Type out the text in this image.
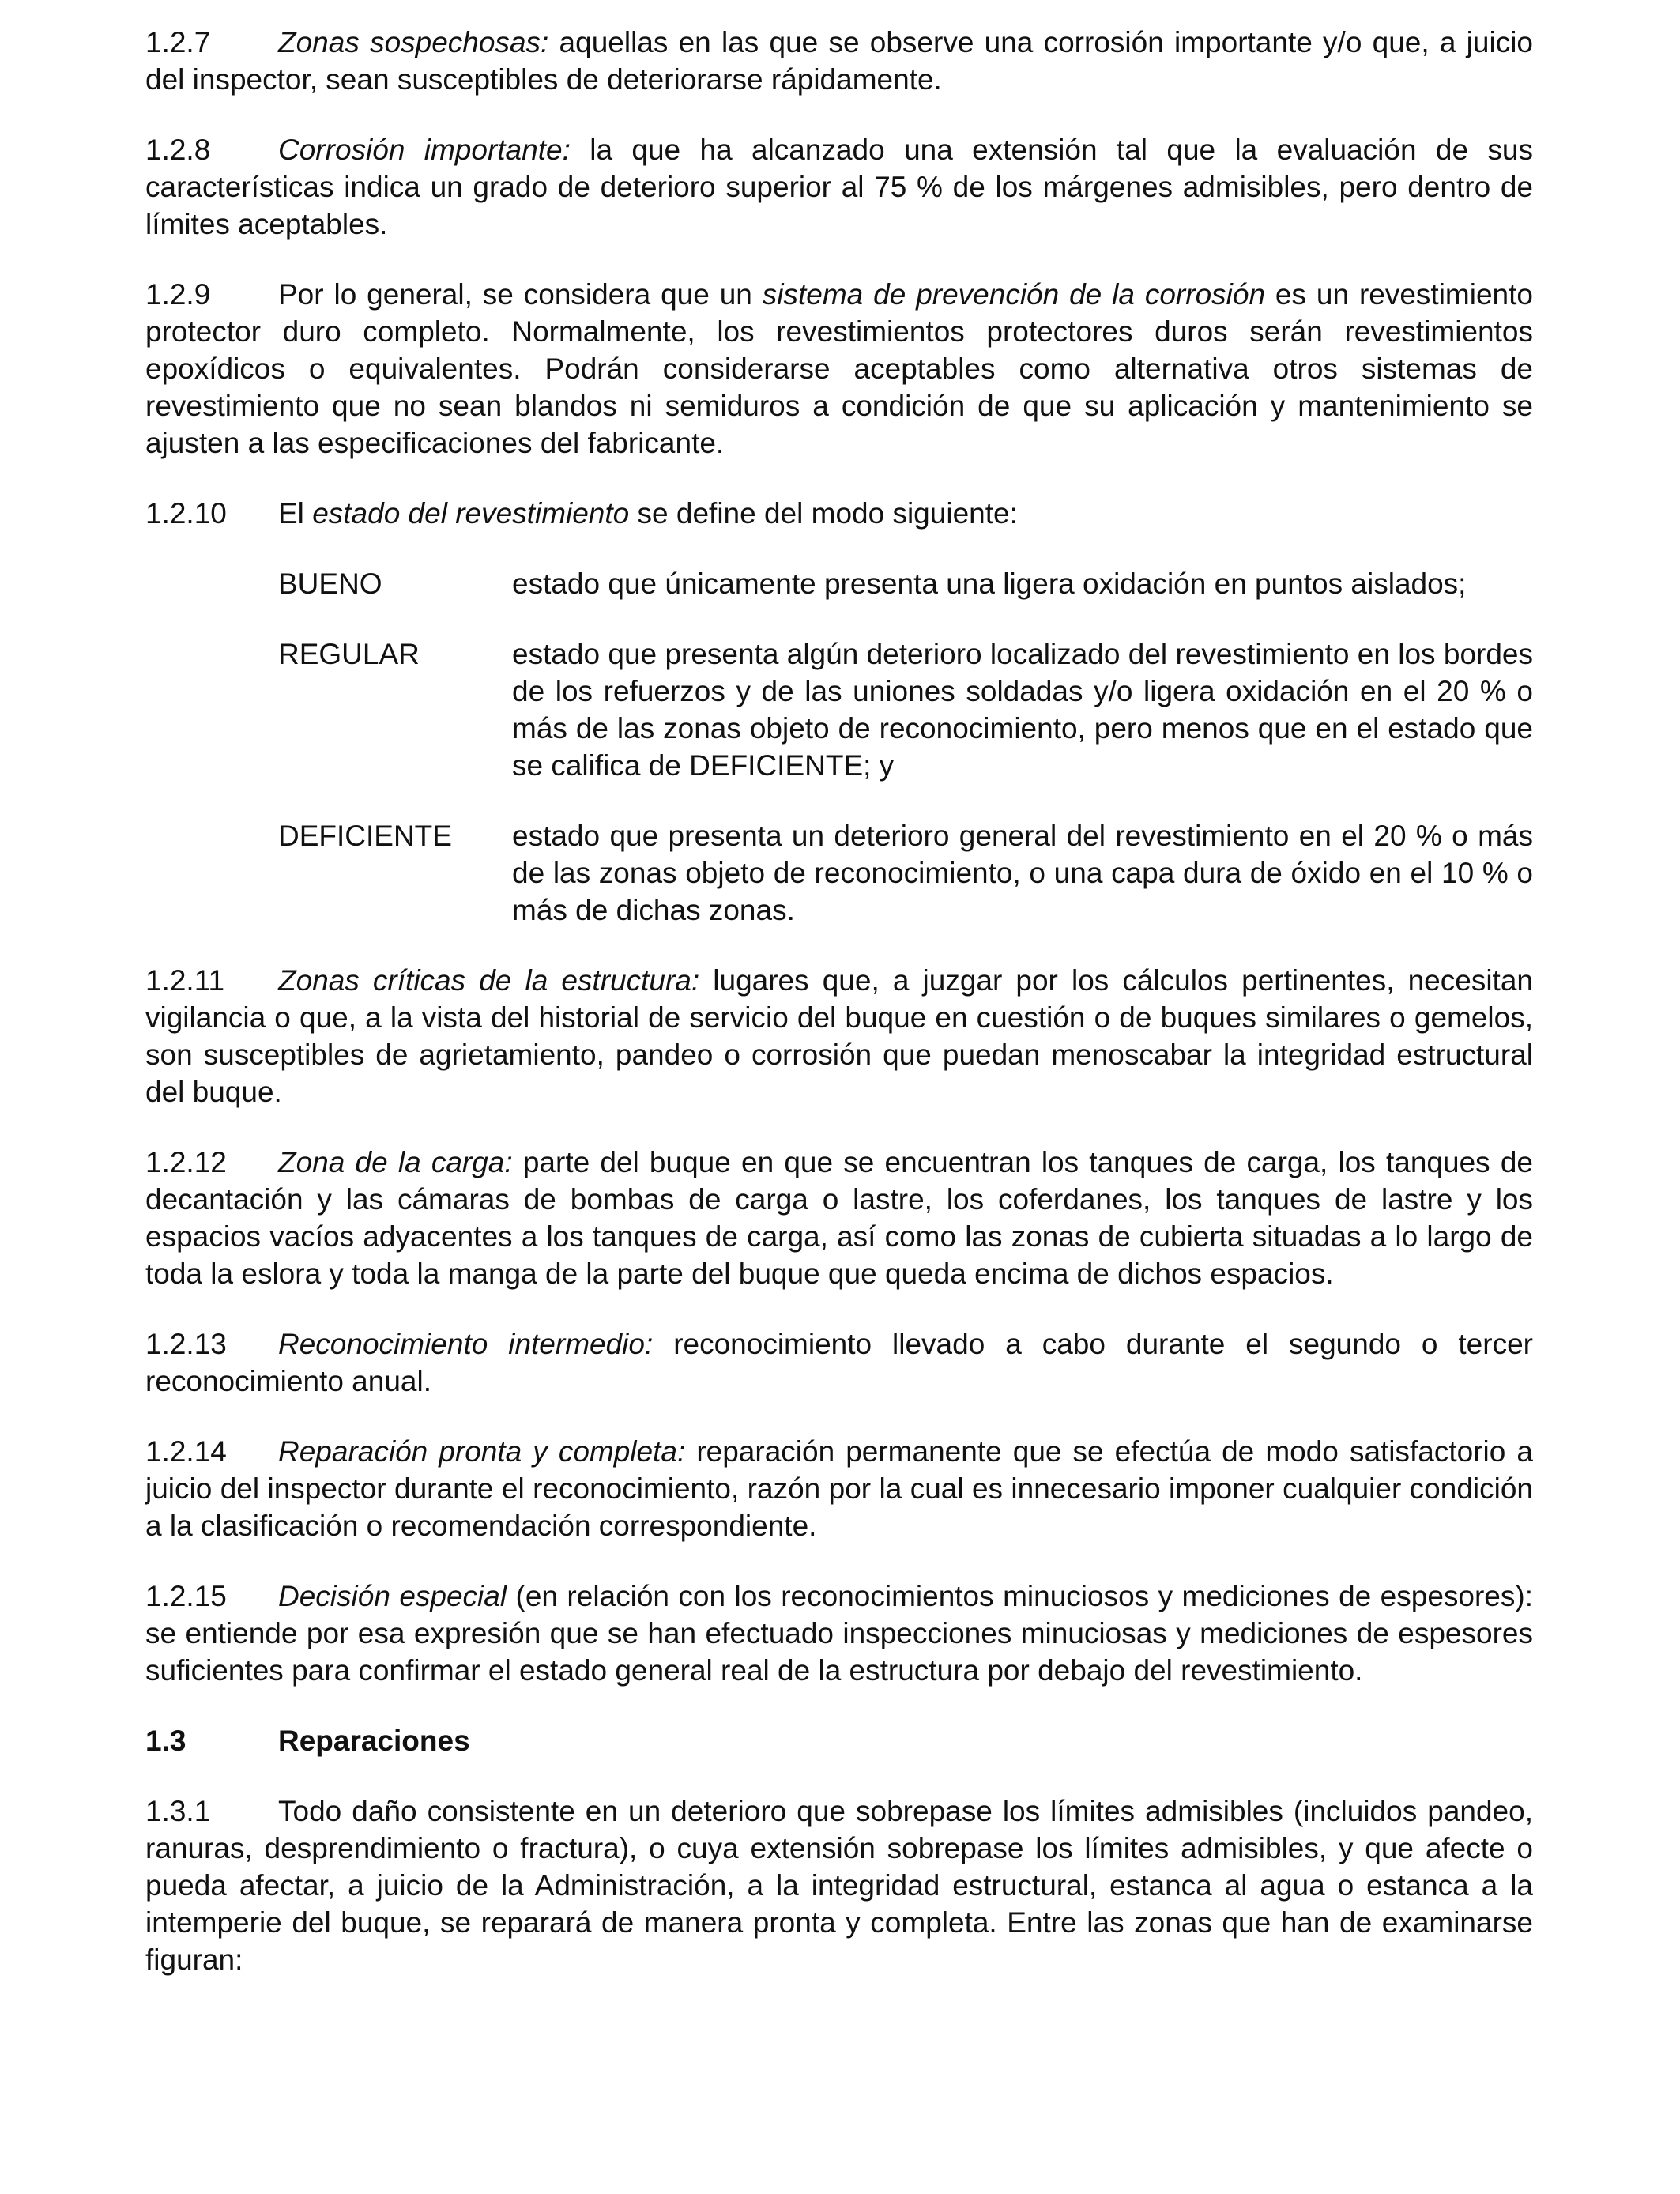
1.2.7 Zonas sospechosas: aquellas en las que se observe una corrosión importante y/o que, a juicio del inspector, sean susceptibles de deteriorarse rápidamente.

1.2.8 Corrosión importante: la que ha alcanzado una extensión tal que la evaluación de sus características indica un grado de deterioro superior al 75 % de los márgenes admisibles, pero dentro de límites aceptables.

1.2.9 Por lo general, se considera que un sistema de prevención de la corrosión es un revestimiento protector duro completo. Normalmente, los revestimientos protectores duros serán revestimientos epoxídicos o equivalentes. Podrán considerarse aceptables como alternativa otros sistemas de revestimiento que no sean blandos ni semiduros a condición de que su aplicación y mantenimiento se ajusten a las especificaciones del fabricante.

1.2.10 El estado del revestimiento se define del modo siguiente:

BUENO	estado que únicamente presenta una ligera oxidación en puntos aislados;
REGULAR	estado que presenta algún deterioro localizado del revestimiento en los bordes de los refuerzos y de las uniones soldadas y/o ligera oxidación en el 20 % o más de las zonas objeto de reconocimiento, pero menos que en el estado que se califica de DEFICIENTE; y
DEFICIENTE estado que presenta un deterioro general del revestimiento en el 20 % o más de las zonas objeto de reconocimiento, o una capa dura de óxido en el 10 % o más de dichas zonas.

1.2.11 Zonas críticas de la estructura: lugares que, a juzgar por los cálculos pertinentes, necesitan vigilancia o que, a la vista del historial de servicio del buque en cuestión o de buques similares o gemelos, son susceptibles de agrietamiento, pandeo o corrosión que puedan menoscabar la integridad estructural del buque.

1.2.12 Zona de la carga: parte del buque en que se encuentran los tanques de carga, los tanques de decantación y las cámaras de bombas de carga o lastre, los coferdanes, los tanques de lastre y los espacios vacíos adyacentes a los tanques de carga, así como las zonas de cubierta situadas a lo largo de toda la eslora y toda la manga de la parte del buque que queda encima de dichos espacios.

1.2.13 Reconocimiento intermedio: reconocimiento llevado a cabo durante el segundo o tercer reconocimiento anual.

1.2.14 Reparación pronta y completa: reparación permanente que se efectúa de modo satisfactorio a juicio del inspector durante el reconocimiento, razón por la cual es innecesario imponer cualquier condición a la clasificación o recomendación correspondiente.

1.2.15 Decisión especial (en relación con los reconocimientos minuciosos y mediciones de espesores): se entiende por esa expresión que se han efectuado inspecciones minuciosas y mediciones de espesores suficientes para confirmar el estado general real de la estructura por debajo del revestimiento.

1.3	Reparaciones

1.3.1 Todo daño consistente en un deterioro que sobrepase los límites admisibles (incluidos pandeo, ranuras, desprendimiento o fractura), o cuya extensión sobrepase los límites admisibles, y que afecte o pueda afectar, a juicio de la Administración, a la integridad estructural, estanca al agua o estanca a la intemperie del buque, se reparará de manera pronta y completa. Entre las zonas que han de examinarse figuran:
